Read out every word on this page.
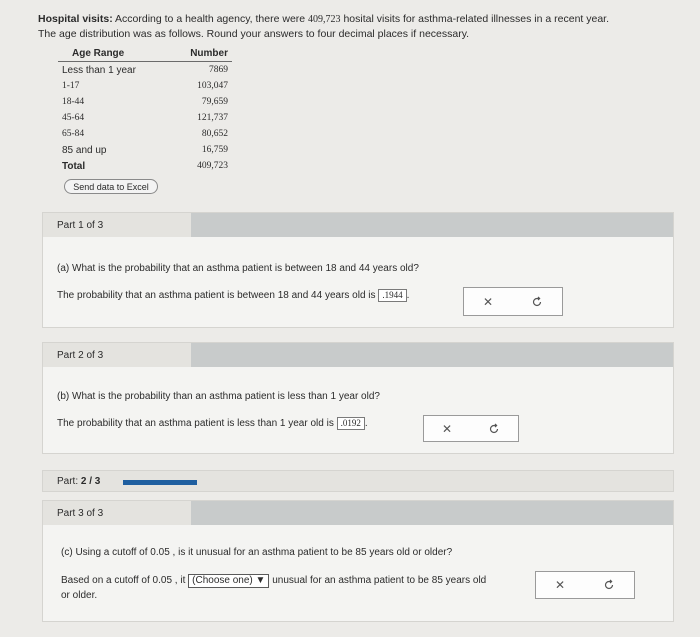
Hospital visits: According to a health agency, there were 409,723 hosital visits for asthma-related illnesses in a recent year.
The age distribution was as follows. Round your answers to four decimal places if necessary.
Age Range	Number
Less than 1 year	7869
1-17	103,047
18-44	79,659
45-64	121,737
65-84	80,652
85 and up	16,759
Total	409,723
Send data to Excel
Part 1 of 3
(a) What is the probability that an asthma patient is between 18 and 44 years old?
The probability that an asthma patient is between 18 and 44 years old is .1944 .	✕
Part 2 of 3
(b) What is the probability than an asthma patient is less than 1 year old?
The probability that an asthma patient is less than 1 year old is .0192 .	✕
Part:
2 / 3
Part 3 of 3
(c) Using a cutoff of 0.05 , is it unusual for an asthma patient to be 85 years old or older?
Based on a cutoff of 0.05 , it (Choose one) ▼ unusual for an asthma patient to be 85 years old
or older.
✕
